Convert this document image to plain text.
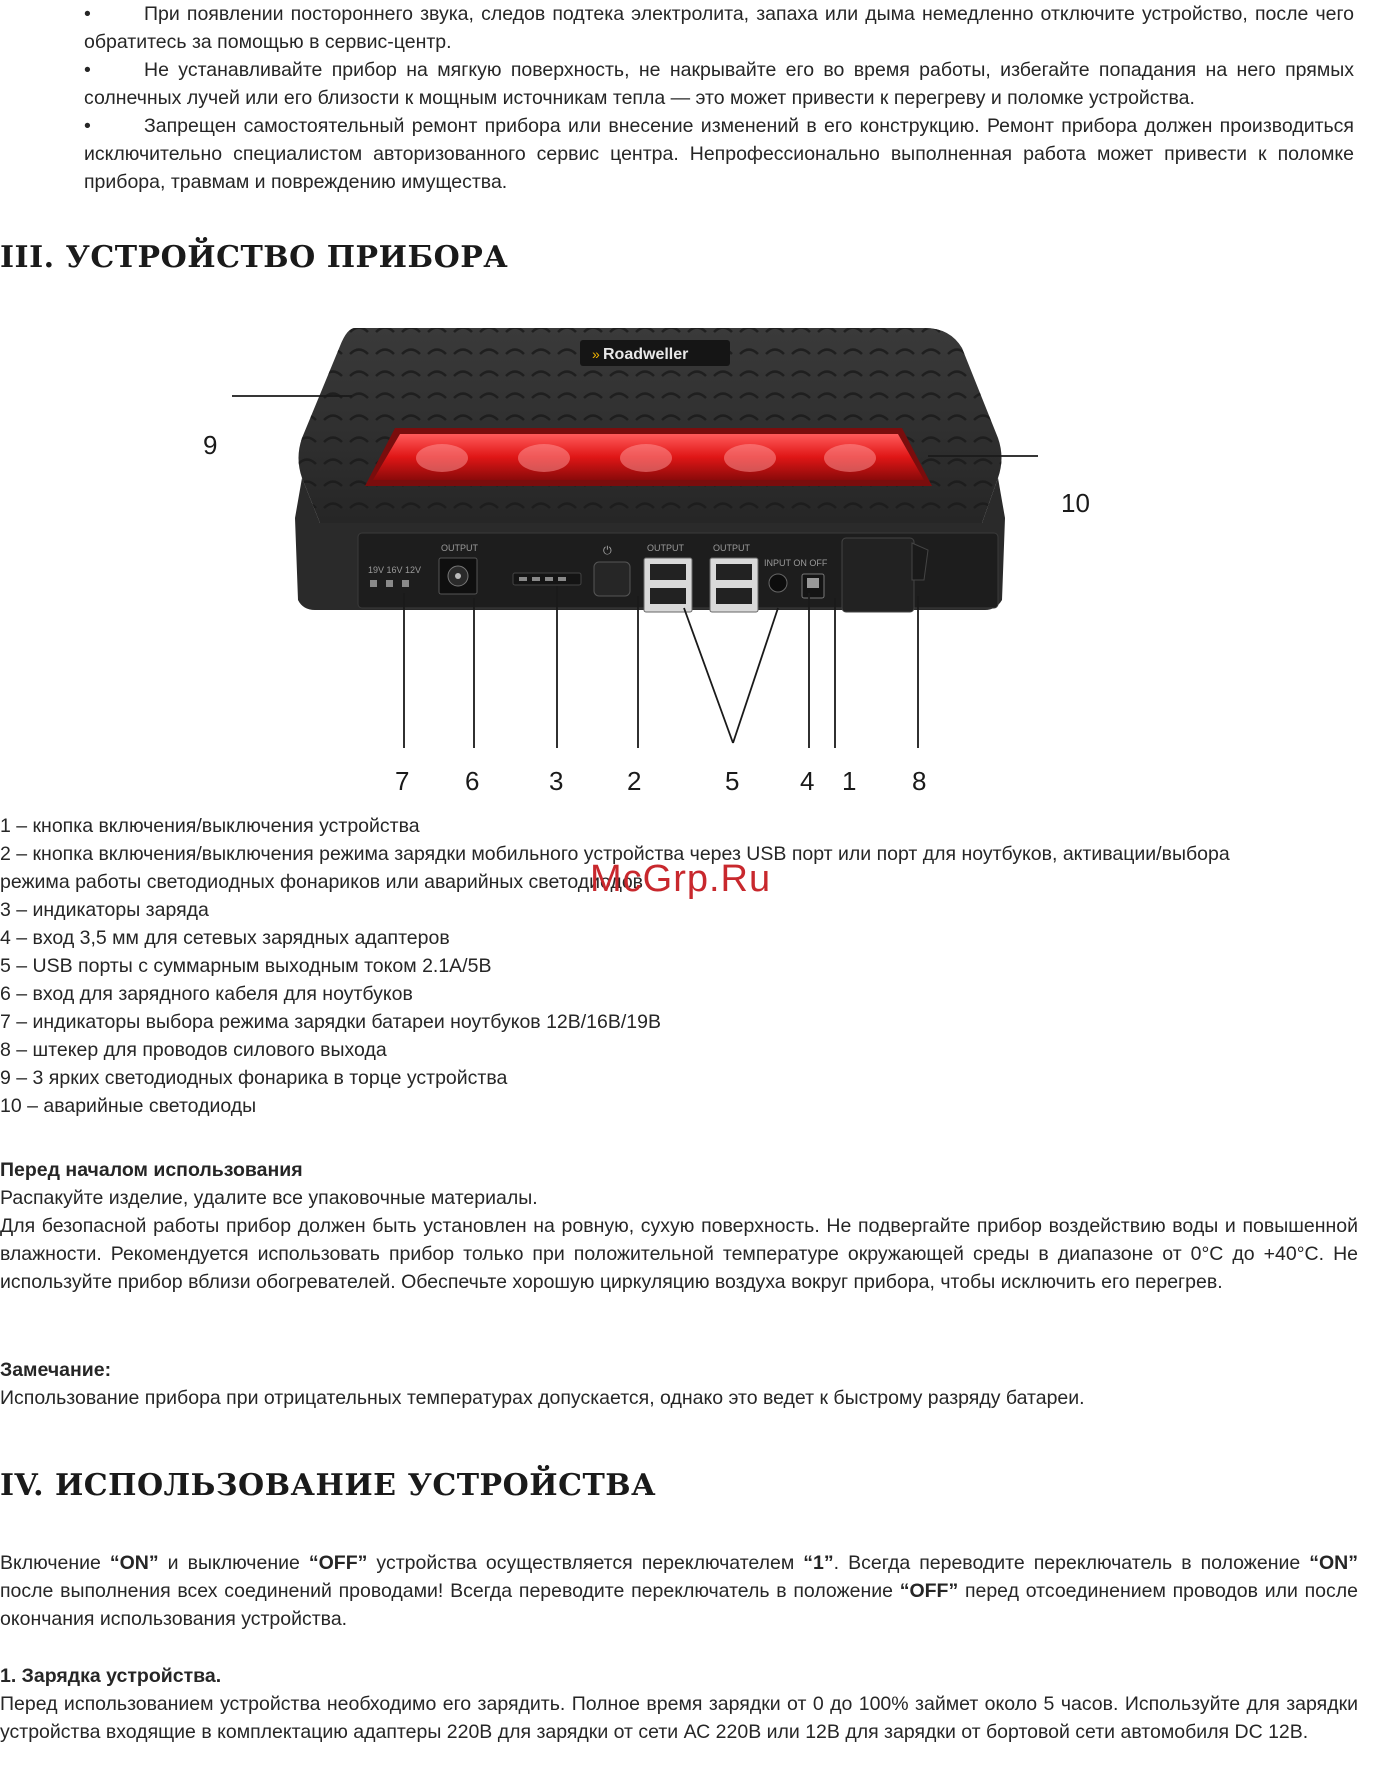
•	При появлении постороннего звука, следов подтека электролита, запаха или дыма немедленно отключите устройство, после чего обратитесь за помощью в сервис-центр.
•	Не устанавливайте прибор на мягкую поверхность, не накрывайте его во время работы, избегайте попадания на него прямых солнечных лучей или его близости к мощным источникам тепла — это может привести к перегреву и поломке устройства.
•	Запрещен самостоятельный ремонт прибора или внесение изменений в его конструкцию. Ремонт прибора должен производиться исключительно специалистом авторизованного сервис центра. Непрофессионально выполненная работа может привести к поломке прибора, травмам и повреждению имущества.
III. УСТРОЙСТВО ПРИБОРА
» Roadweller
19V 16V 12V
OUTPUT	⏻	OUTPUT	OUTPUT
INPUT ON OFF
9
10
7 6	3 2	5 4 1 8
1 – кнопка включения/выключения устройства
2 – кнопка включения/выключения режима зарядки мобильного устройства через USB порт или порт для ноутбуков, активации/выбора
режима работы светодиодных фонариков или аварийных светодиодов
3 – индикаторы заряда
4 – вход 3,5 мм для сетевых зарядных адаптеров
5 – USB порты с суммарным выходным током 2.1А/5В
6 – вход для зарядного кабеля для ноутбуков
7 – индикаторы выбора режима зарядки батареи ноутбуков 12В/16В/19В
8 – штекер для проводов силового выхода
9 – 3 ярких светодиодных фонарика в торце устройства
10 – аварийные светодиоды
McGrp.Ru
Перед началом использования
Распакуйте изделие, удалите все упаковочные материалы.
Для безопасной работы прибор должен быть установлен на ровную, сухую поверхность. Не подвергайте прибор воздействию воды и повышенной влажности. Рекомендуется использовать прибор только при положительной температуре окружающей среды в диапазоне от 0°С до +40°С. Не используйте прибор вблизи обогревателей. Обеспечьте хорошую циркуляцию воздуха вокруг прибора, чтобы исключить его перегрев.
Замечание:
Использование прибора при отрицательных температурах допускается, однако это ведет к быстрому разряду батареи.
IV. ИСПОЛЬЗОВАНИЕ УСТРОЙСТВА
Включение “ON” и выключение “OFF” устройства осуществляется переключателем “1”. Всегда переводите переключатель в положение “ON” после выполнения всех соединений проводами! Всегда переводите переключатель в положение “OFF” перед отсоединением проводов или после окончания использования устройства.
1. Зарядка устройства.
Перед использованием устройства необходимо его зарядить. Полное время зарядки от 0 до 100% займет около 5 часов. Используйте для зарядки устройства входящие в комплектацию адаптеры 220В для зарядки от сети АС 220В или 12В для зарядки от бортовой сети автомобиля DC 12В.
